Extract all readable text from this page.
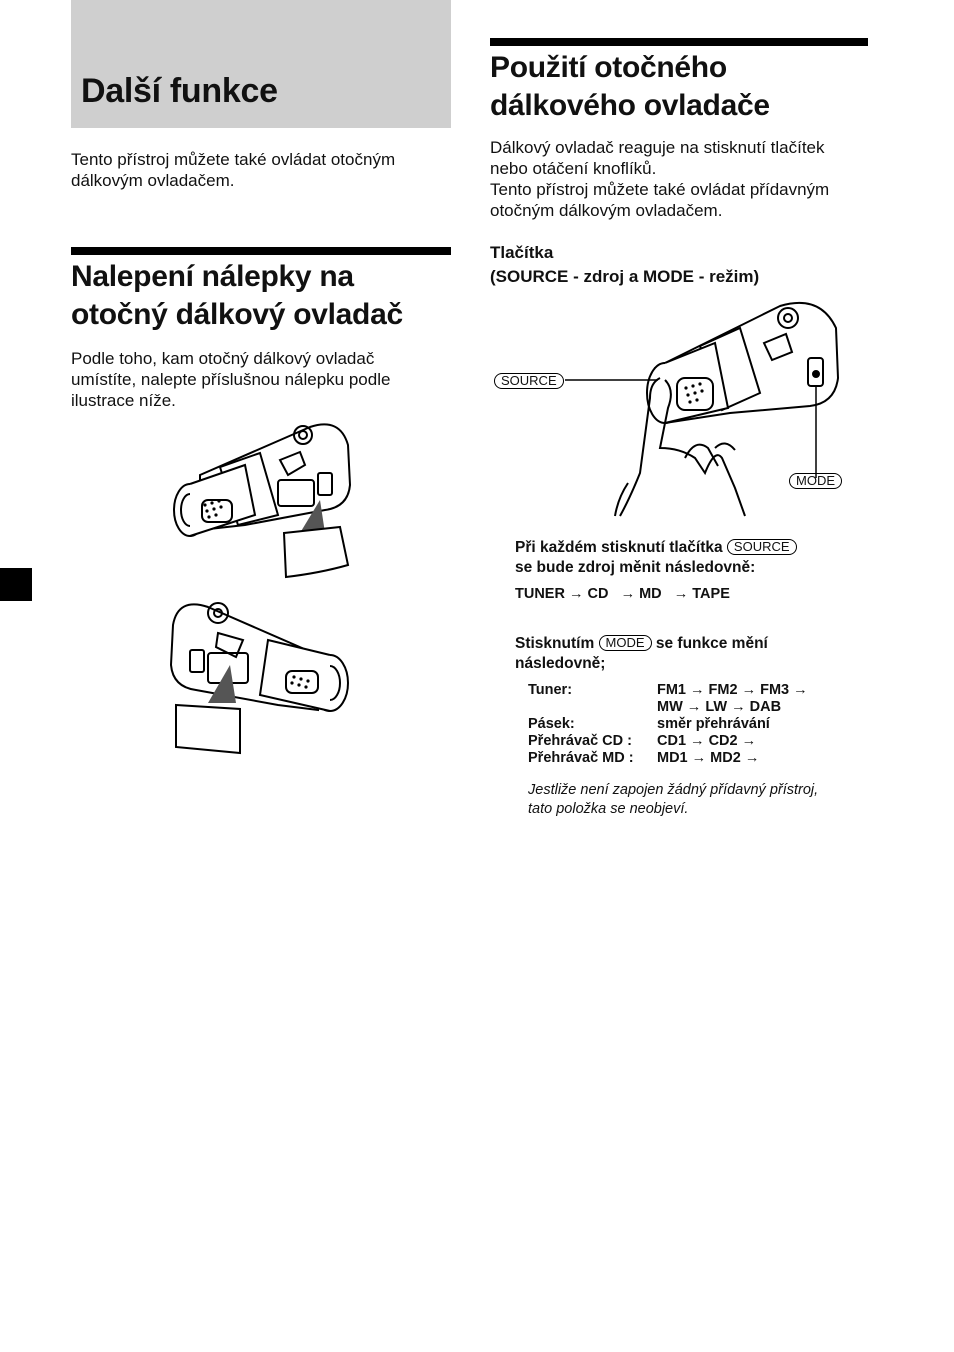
Další funkce

Tento přístroj můžete také ovládat otočným

dálkovým ovladačem.

Nalepení nálepky na
otočný dálkový ovladač

Podle toho, kam otočný dálkový ovladač

umístíte, nalepte příslušnou nálepku podle

ilustrace níže.

Použití otočného
dálkového ovladače

Dálkový ovladač reaguje na stisknutí tlačítek

nebo otáčení knoflíků.

Tento přístroj můžete také ovládat přídavným

otočným dálkovým ovladačem.

Tlačítka
(SOURCE - zdroj a MODE - režim)
SOURCE
MODE
Při každém stisknutí tlačítka SOURCE
se bude zdroj měnit následovně:
TUNER → CD → MD → TAPE
Stisknutím MODE se funkce mění
následovně;
Tuner:	FM1 → FM2 → FM3 →
	MW → LW → DAB
Pásek:	směr přehrávání
Přehrávač CD :	CD1 → CD2 →
Přehrávač MD :	MD1 → MD2 →
Jestliže není zapojen žádný přídavný přístroj,
tato položka se neobjeví.
